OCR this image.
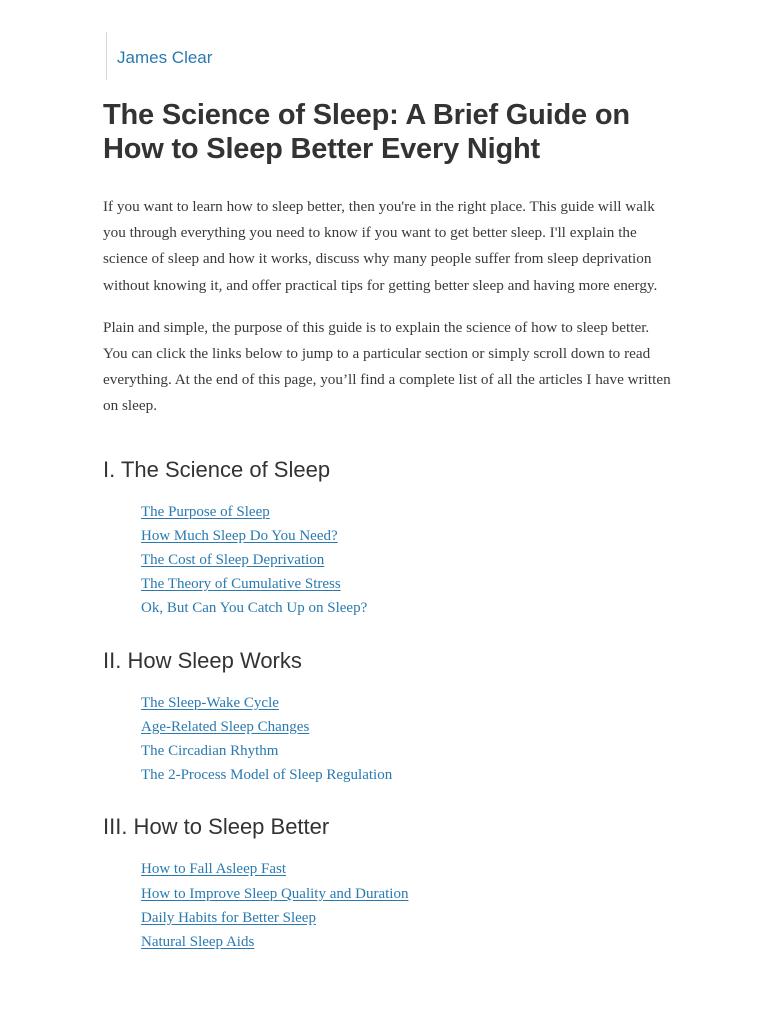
James Clear
The Science of Sleep: A Brief Guide on How to Sleep Better Every Night

If you want to learn how to sleep better, then you're in the right place. This guide will walk you through everything you need to know if you want to get better sleep. I'll explain the science of sleep and how it works, discuss why many people suffer from sleep deprivation without knowing it, and offer practical tips for getting better sleep and having more energy.

Plain and simple, the purpose of this guide is to explain the science of how to sleep better. You can click the links below to jump to a particular section or simply scroll down to read everything. At the end of this page, you’ll find a complete list of all the articles I have written on sleep.

I. The Science of Sleep
The Purpose of Sleep
How Much Sleep Do You Need?
The Cost of Sleep Deprivation
The Theory of Cumulative Stress
Ok, But Can You Catch Up on Sleep?
II. How Sleep Works
The Sleep-Wake Cycle
Age-Related Sleep Changes
The Circadian Rhythm
The 2-Process Model of Sleep Regulation
III. How to Sleep Better
How to Fall Asleep Fast
How to Improve Sleep Quality and Duration
Daily Habits for Better Sleep
Natural Sleep Aids
